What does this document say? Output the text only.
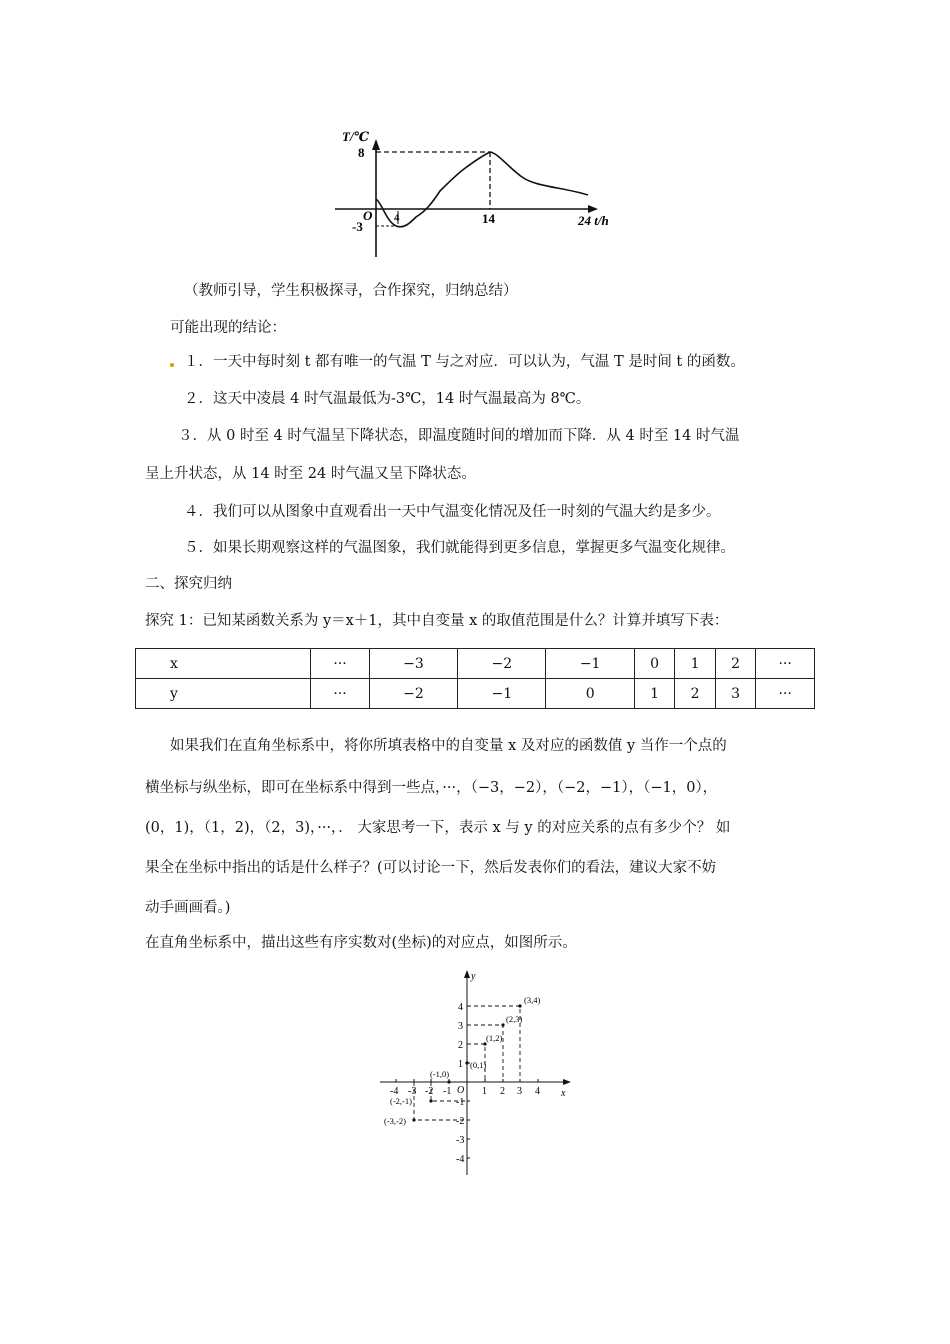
T/℃
8
O
-3
4	14	24 t/h
（教师引导，学生积极探寻，合作探究，归纳总结）
可能出现的结论：
１．一天中每时刻 t 都有唯一的气温 T 与之对应．可以认为，气温 T 是时间 t 的函数。
２．这天中凌晨 4 时气温最低为-3℃，14 时气温最高为 8℃。
３．从 0 时至 4 时气温呈下降状态，即温度随时间的增加而下降．从 4 时至 14 时气温
呈上升状态，从 14 时至 24 时气温又呈下降状态。
４．我们可以从图象中直观看出一天中气温变化情况及任一时刻的气温大约是多少。
５．如果长期观察这样的气温图象，我们就能得到更多信息，掌握更多气温变化规律。
二、探究归纳
探究 1：已知某函数关系为 y＝x＋1，其中自变量 x 的取值范围是什么？计算并填写下表：
x	···	−3	−2	−1	0	1	2	···
y	···	−2	−1	0	1	2	3	···
如果我们在直角坐标系中，将你所填表格中的自变量 x 及对应的函数值 y 当作一个点的
横坐标与纵坐标，即可在坐标系中得到一些点，···，（−3，−2），（−2，−1），（−1，0），
(0，1)，（1，2)，（2，3)，···，． 大家思考一下，表示 x 与 y 的对应关系的点有多少个？ 如
果全在坐标中指出的话是什么样子？(可以讨论一下，然后发表你们的看法，建议大家不妨
动手画画看。)
在直角坐标系中，描出这些有序实数对(坐标)的对应点，如图所示。
x
y
O
-4 -3 -2 -1	1 2 3 4
4
3
2
1
-1
-2
-3
-4
(3,4)
(2,3)
(1,2)
(0,1)
(-1,0)
(-2,-1)
(-3,-2)
